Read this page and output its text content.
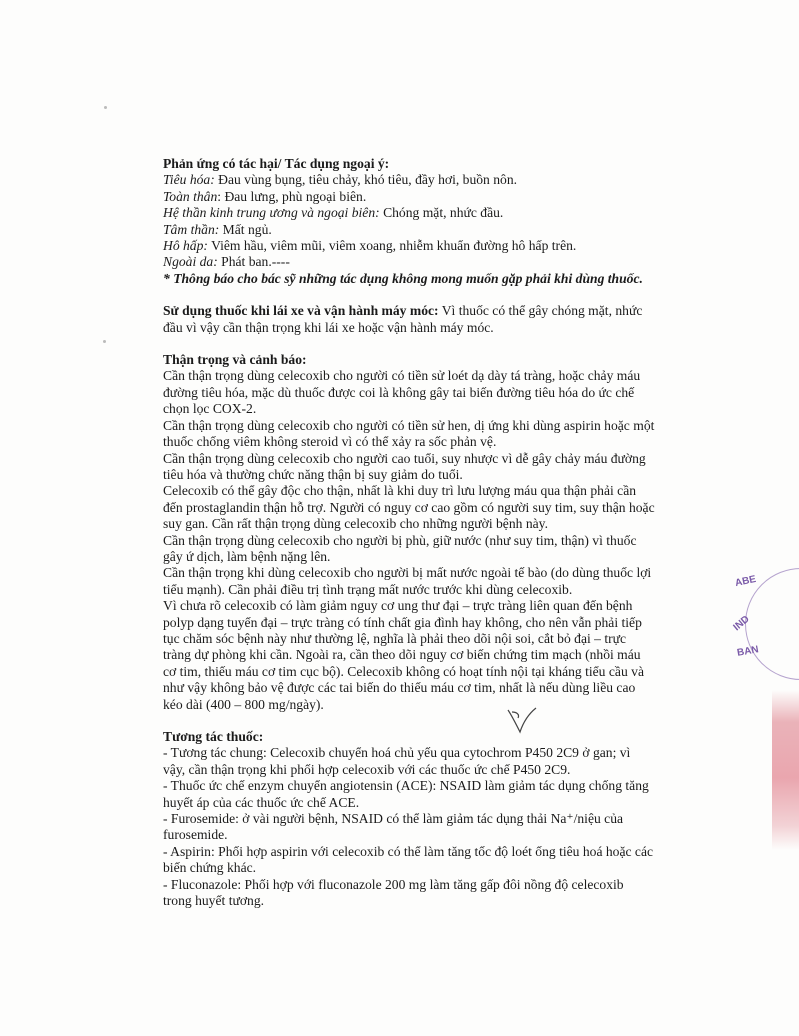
Phản ứng có tác hại/ Tác dụng ngoại ý:
Tiêu hóa: Đau vùng bụng, tiêu chảy, khó tiêu, đầy hơi, buồn nôn.
Toàn thân: Đau lưng, phù ngoại biên.
Hệ thần kinh trung ương và ngoại biên: Chóng mặt, nhức đầu.
Tâm thần: Mất ngủ.
Hô hấp: Viêm hầu, viêm mũi, viêm xoang, nhiễm khuẩn đường hô hấp trên.
Ngoài da: Phát ban.----
* Thông báo cho bác sỹ những tác dụng không mong muốn gặp phải khi dùng thuốc.
Sử dụng thuốc khi lái xe và vận hành máy móc: Vì thuốc có thể gây chóng mặt, nhức
đầu vì vậy cần thận trọng khi lái xe hoặc vận hành máy móc.
Thận trọng và cảnh báo:
Cần thận trọng dùng celecoxib cho người có tiền sử loét dạ dày tá tràng, hoặc chảy máu
đường tiêu hóa, mặc dù thuốc được coi là không gây tai biến đường tiêu hóa do ức chế
chọn lọc COX-2.
Cần thận trọng dùng celecoxib cho người có tiền sử hen, dị ứng khi dùng aspirin hoặc một
thuốc chống viêm không steroid vì có thể xảy ra sốc phản vệ.
Cần thận trọng dùng celecoxib cho người cao tuổi, suy nhược vì dễ gây chảy máu đường
tiêu hóa và thường chức năng thận bị suy giảm do tuổi.
Celecoxib có thể gây độc cho thận, nhất là khi duy trì lưu lượng máu qua thận phải cần
đến prostaglandin thận hỗ trợ. Người có nguy cơ cao gồm có người suy tim, suy thận hoặc
suy gan. Cần rất thận trọng dùng celecoxib cho những người bệnh này.
Cần thận trọng dùng celecoxib cho người bị phù, giữ nước (như suy tim, thận) vì thuốc
gây ứ dịch, làm bệnh nặng lên.
Cần thận trọng khi dùng celecoxib cho người bị mất nước ngoài tế bào (do dùng thuốc lợi
tiểu mạnh). Cần phải điều trị tình trạng mất nước trước khi dùng celecoxib.
Vì chưa rõ celecoxib có làm giảm nguy cơ ung thư đại – trực tràng liên quan đến bệnh
polyp dạng tuyến đại – trực tràng có tính chất gia đình hay không, cho nên vẫn phải tiếp
tục chăm sóc bệnh này như thường lệ, nghĩa là phải theo dõi nội soi, cắt bỏ đại – trực
tràng dự phòng khi cần. Ngoài ra, cần theo dõi nguy cơ biến chứng tim mạch (nhồi máu
cơ tim, thiếu máu cơ tim cục bộ). Celecoxib không có hoạt tính nội tại kháng tiểu cầu và
như vậy không bảo vệ được các tai biến do thiếu máu cơ tim, nhất là nếu dùng liều cao
kéo dài (400 – 800 mg/ngày).
Tương tác thuốc:
- Tương tác chung: Celecoxib chuyển hoá chủ yếu qua cytochrom P450 2C9 ở gan; vì
vậy, cần thận trọng khi phối hợp celecoxib với các thuốc ức chế P450 2C9.
- Thuốc ức chế enzym chuyển angiotensin (ACE): NSAID làm giảm tác dụng chống tăng
huyết áp của các thuốc ức chế ACE.
- Furosemide: ở vài người bệnh, NSAID có thể làm giảm tác dụng thải Na⁺/niệu của
furosemide.
- Aspirin: Phối hợp aspirin với celecoxib có thể làm tăng tốc độ loét ống tiêu hoá hoặc các
biến chứng khác.
- Fluconazole: Phối hợp với fluconazole 200 mg làm tăng gấp đôi nồng độ celecoxib
trong huyết tương.
ABE
IND
BAN
